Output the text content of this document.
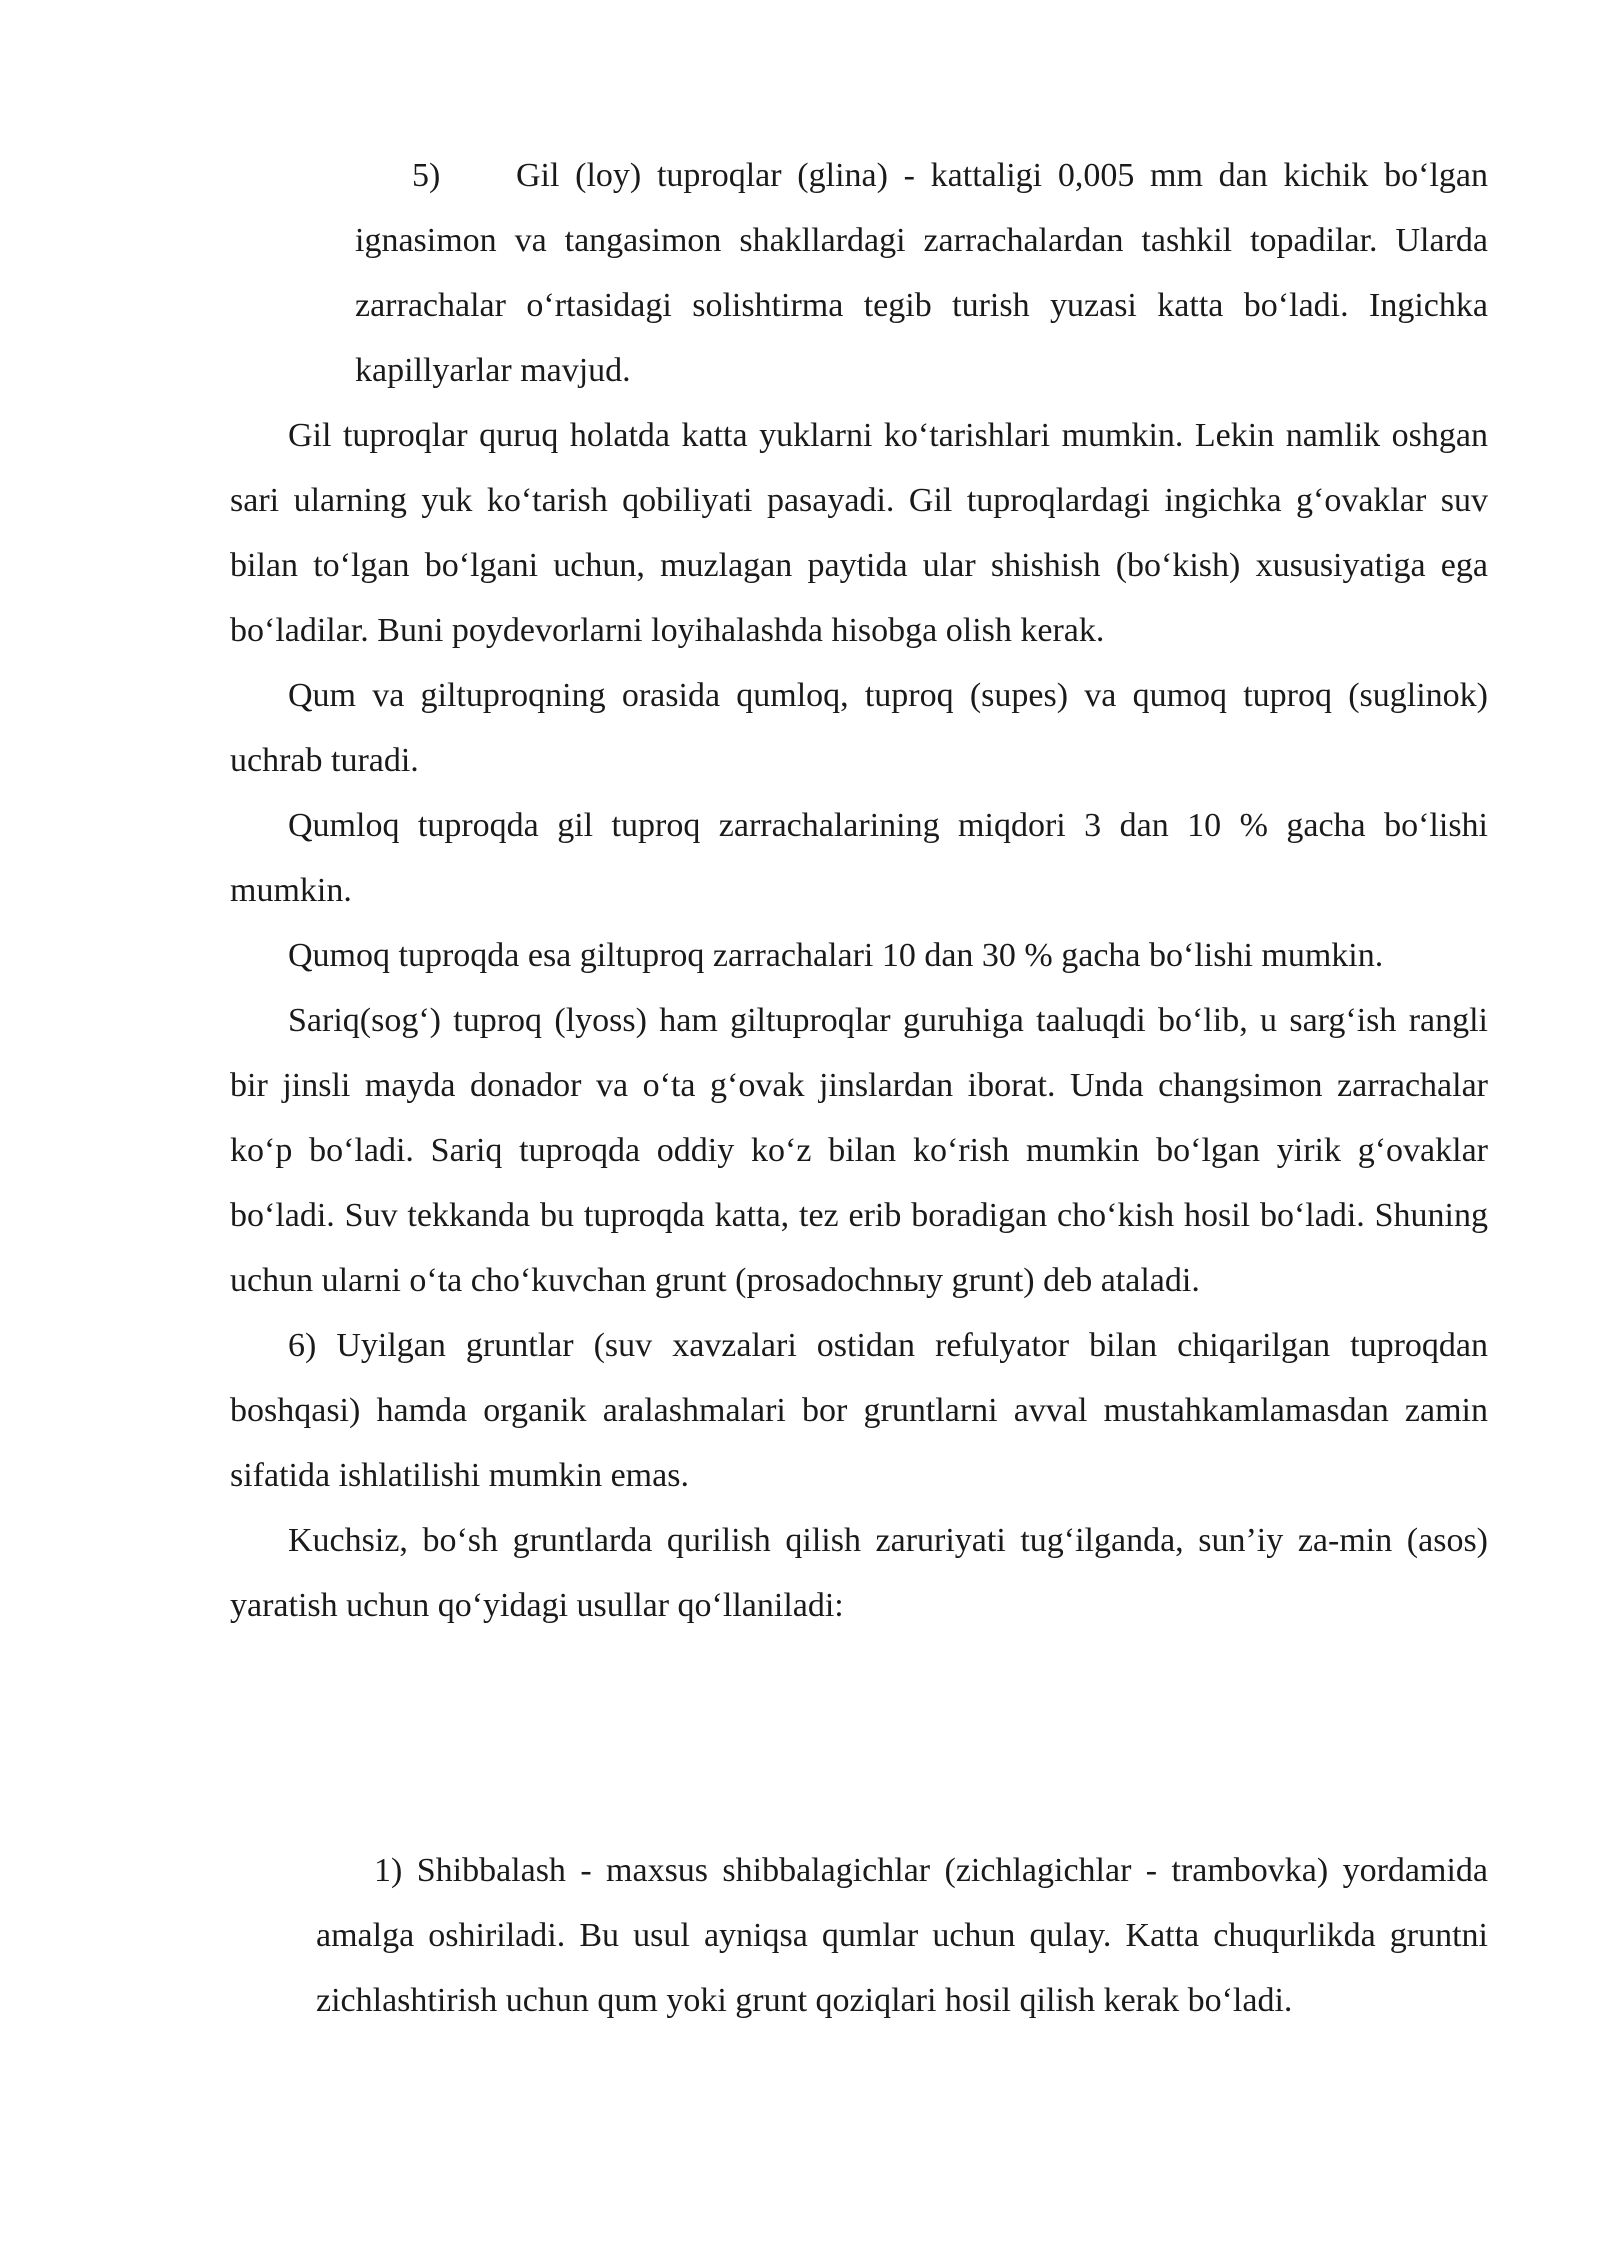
5) Gil (loy) tuproqlar (glina) - kattaligi 0,005 mm dan kichik bo‘lgan ignasimon va tangasimon shakllardagi zarrachalardan tashkil topadilar. Ularda zarrachalar o‘rtasidagi solishtirma tegib turish yuzasi katta bo‘ladi. Ingichka kapillyarlar mavjud.

Gil tuproqlar quruq holatda katta yuklarni ko‘tarishlari mumkin. Lekin namlik oshgan sari ularning yuk ko‘tarish qobiliyati pasayadi. Gil tuproqlardagi ingichka g‘ovaklar suv bilan to‘lgan bo‘lgani uchun, muzlagan paytida ular shishish (bo‘kish) xususiyatiga ega bo‘ladilar. Buni poydevorlarni loyihalashda hisobga olish kerak.

Qum va giltuproqning orasida qumloq, tuproq (supes) va qumoq tuproq (suglinok) uchrab turadi.

Qumloq tuproqda gil tuproq zarrachalarining miqdori 3 dan 10 % gacha bo‘lishi mumkin.

Qumoq tuproqda esa giltuproq zarrachalari 10 dan 30 % gacha bo‘lishi mumkin.

Sariq(sog‘) tuproq (lyoss) ham giltuproqlar guruhiga taaluqdi bo‘lib, u sarg‘ish rangli bir jinsli mayda donador va o‘ta g‘ovak jinslardan iborat. Unda changsimon zarrachalar ko‘p bo‘ladi. Sariq tuproqda oddiy ko‘z bilan ko‘rish mumkin bo‘lgan yirik g‘ovaklar bo‘ladi. Suv tekkanda bu tuproqda katta, tez erib boradigan cho‘kish hosil bo‘ladi. Shuning uchun ularni o‘ta cho‘kuvchan grunt (prosadochnыy grunt) deb ataladi.

6) Uyilgan gruntlar (suv xavzalari ostidan refulyator bilan chiqarilgan tuproqdan boshqasi) hamda organik aralashmalari bor gruntlarni avval mustahkamlamasdan zamin sifatida ishlatilishi mumkin emas.

Kuchsiz, bo‘sh gruntlarda qurilish qilish zaruriyati tug‘ilganda, sun’iy za-min (asos) yaratish uchun qo‘yidagi usullar qo‘llaniladi:

1) Shibbalash - maxsus shibbalagichlar (zichlagichlar - trambovka) yordamida amalga oshiriladi. Bu usul ayniqsa qumlar uchun qulay. Katta chuqurlikda gruntni zichlashtirish uchun qum yoki grunt qoziqlari hosil qilish kerak bo‘ladi.
